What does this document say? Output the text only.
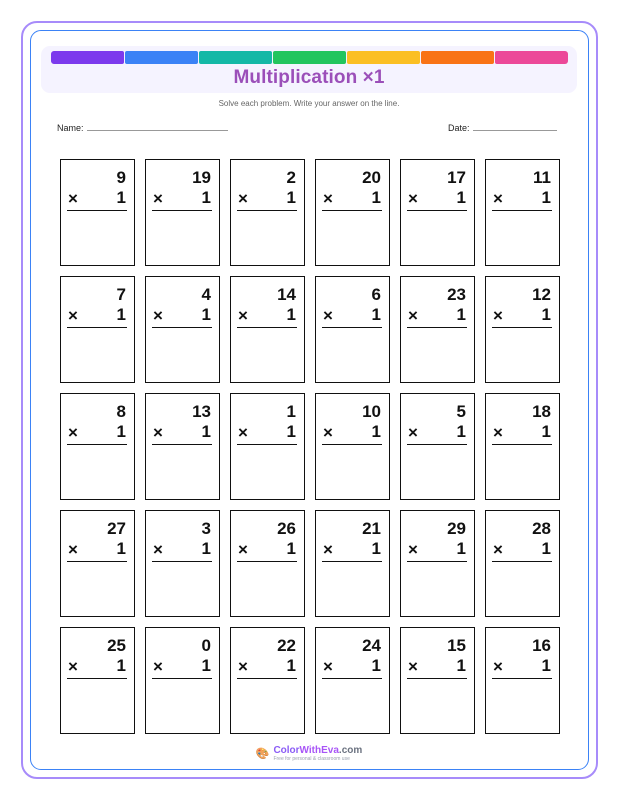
Multiplication ×1
Solve each problem. Write your answer on the line.
Name:	Date:
9
× 1
19
× 1
2
× 1
20
× 1
17
× 1
11
× 1
7
× 1
4
× 1
14
× 1
6
× 1
23
× 1
12
× 1
8
× 1
13
× 1
1
× 1
10
× 1
5
× 1
18
× 1
27
× 1
3
× 1
26
× 1
21
× 1
29
× 1
28
× 1
25
× 1
0
× 1
22
× 1
24
× 1
15
× 1
16
× 1
🎨 ColorWithEva.com
Free for personal & classroom use
